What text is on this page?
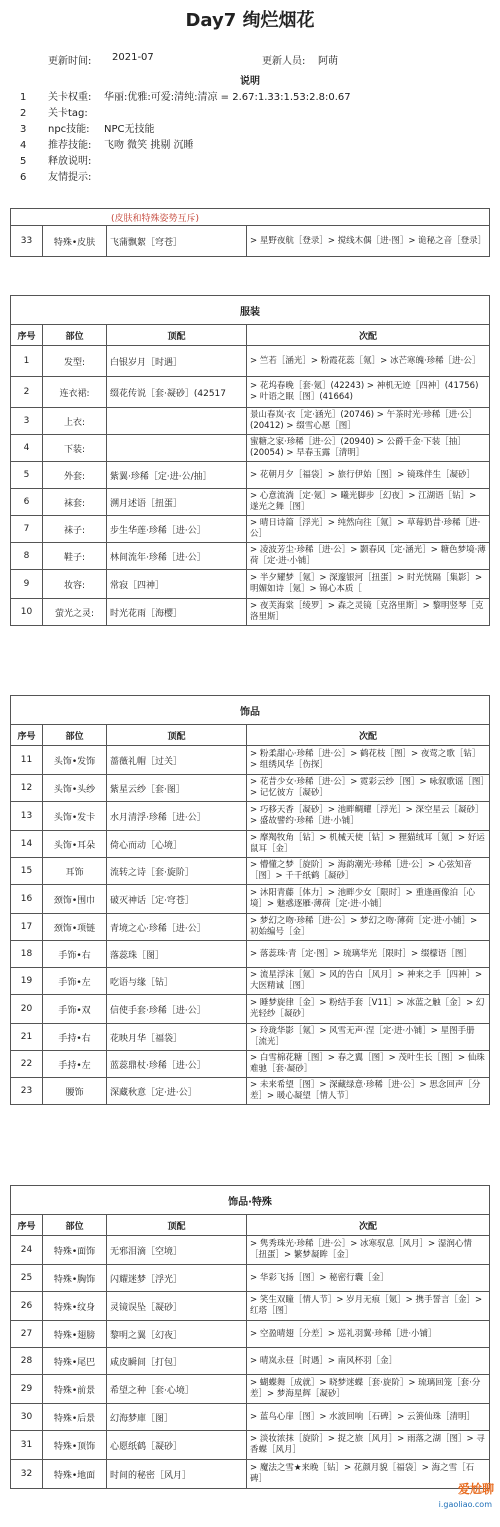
Day7 绚烂烟花
更新时间: 2021-07	更新人员: 阿萌
说明
1 关卡权重: 华丽:优雅:可爱:清纯:清凉 = 2.67:1.33:1.53:2.8:0.67
2 关卡tag:
3 npc技能: NPC无技能
4 推荐技能: 飞吻 微笑 挑剔 沉睡
5 释放说明:
6 友情提示:
(皮肤和特殊姿势互斥)
33	特殊•皮肤	飞蒲飘絮［穹苍］	> 星野夜航［登录］> 搅线木偶［进·图］> 诡秘之音［登录］
服装			
序号	部位	顶配	次配
1	发型:	白银岁月［时遇］	> 竺若［涵光］> 粉霞花蕊［氪］> 冰芒寒魄·珍稀［进·公］
2	连衣裙:	缀花传说［套·凝砂］(42517	> 花坞春晚［套·氪］(42243) > 神机无迹［四神］(41756) > 叶语之眠［图］(41664)
3	上衣:		景山春岚·衣［定·涵光］(20746) > 午茶时光·珍稀［进·公］(20412) > 缀雪心愿［图］
4	下装:		蜜糖之家·珍稀［进·公］(20940) > 公爵千金·下装［抽］(20054) > 早春玉露［清明］
5	外套:	紫翼·珍稀［定·进·公/抽］	> 花朝月夕［福袋］> 旅行伊始［图］> 镜珠伴生［凝砂］
6	袜套:	溯月述语［扭蛋］	> 心意流淌［定·氪］> 曦光脚步［幻夜］> 江湖语［钻］> 遂光之舞［图］
7	袜子:	步生华莲·珍稀［进·公］	> 晴日诗篇［浮光］> 纯然向往［氪］> 草莓奶昔·珍稀［进·公］
8	鞋子:	林间流年·珍稀［进·公］	> 凌波芳尘·珍稀［进·公］> 颢春风［定·涵光］> 糖色梦境·薄荷［定·进·小铺］
9	妆容:	常寂［四神］	> 半夕耀梦［氪］> 深邃银河［扭蛋］> 时光恍隔［集影］> 明媚如诗［氪］> 锦心本质［
10	萤光之灵:	时光花雨［海樱］	> 夜芙海棠［绫罗］> 森之灵镜［克洛里斯］> 黎明竖琴［克洛里斯］
饰品			
序号	部位	顶配	次配
11	头饰•发饰	蔷薇礼帽［过关］	> 粉柔甜心·珍稀［进·公］> 鹤花枝［图］> 夜莺之歌［钻］> 组绣风华［伤探］
12	头饰•头纱	紫星云纱［套·图］	> 花昔少女·珍稀［进·公］> 霓彩云纱［图］> 咏叙歌谣［图］> 记忆彼方［凝砂］
13	头饰•发卡	水月清浮·珍稀［进·公］	> 巧移天香［凝砂］> 池畔鲷耀［浮光］> 深空星云［凝砂］> 盛故譬约·珍稀［进·小铺］
14	头饰•耳朵	倚心而动［心境］	> 摩羯牧角［钻］> 机械天使［钻］> 狸猫绒耳［氪］> 好运鼠耳［金］
15	耳饰	流转之诗［套·旋阶］	> 懵懂之梦［旋阶］> 海韵潮光·珍稀［进·公］> 心弦知音［图］> 千千纸鹤［凝砂］
16	颈饰•围巾	破灭神话［定·穹苍］	> 沐阳青藤［体力］> 池畔少女［限时］> 重逢画像泊［心境］> 魅惑逐雁·薄荷［定·进·小铺］
17	颈饰•项链	青境之心·珍稀［进·公］	> 梦幻之吻·珍稀［进·公］> 梦幻之吻·薄荷［定·进·小铺］> 初始编号［金］
18	手饰•右	落蕊珠［图］	> 落蕊珠·青［定·图］> 琉璃华光［限时］> 缀檬语［图］
19	手饰•左	吃语与缘［钻］	> 流星浮沫［氪］> 风的告白［风月］> 神来之手［四神］> 大医精诚［图］
20	手饰•双	信使手套·珍稀［进·公］	> 睡梦旋律［金］> 粉结手套［V11］> 冰蓝之触［金］> 幻光轻纱［凝砂］
21	手持•右	花映月华［福袋］	> 玲珑华影［氪］> 风雪无声·涅［定·进·小铺］> 星图手册［流光］
22	手持•左	蓝蕊鼎杖·珍稀［进·公］	> 白雪棉花糖［图］> 春之翼［图］> 茂叶生长［图］> 仙珠难驰［套·凝砂］
23	腰饰	深藏秋意［定·进·公］	> 未来希望［图］> 深藏绿意·珍稀［进·公］> 思念回声［分差］> 暖心凝望［情人节］
饰品·特殊			
序号	部位	顶配	次配
24	特殊•面饰	无邪泪滴［空境］	> 隽秀珠光·珍稀［进·公］> 冰寒驭息［风月］> 湿润心情［扭蛋］> 繁梦凝眸［金］
25	特殊•胸饰	闪耀迷梦［浮光］	> 华彩飞扬［图］> 秘密行囊［金］
26	特殊•纹身	灵镜误坠［凝砂］	> 笑生双瞳［情人节］> 岁月无痕［氪］> 携手誓言［金］> 红塔［图］
27	特殊•翅膀	黎明之翼［幻夜］	> 空盈晴翅［分差］> 巡礼羽翼·珍稀［进·小铺］
28	特殊•尾巴	咸皮瞬间［打包］	> 晴岚永昼［时遇］> 南风杯羽［金］
29	特殊•前景	希望之种［套·心境］	> 蝴蝶舞［成就］> 晓梦迷蝶［套·旋阶］> 琉璃回笼［套·分差］> 梦海星辉［凝砂］
30	特殊•后景	幻海梦庫［图］	> 蓝鸟心扉［图］> 水波回响［石碑］> 云箦仙珠［清明］
31	特殊•顶饰	心愿纸鹤［凝砂］	> 淡妆浓抹［旋阶］> 捉之旅［风月］> 雨落之湖［图］> 寻香蝶［风月］
32	特殊•地面	时间的秘密［风月］	> 魔法之雪★来晚［钻］> 花颜月貌［福袋］> 海之雪［石碑］
爱尬聊
i.gaoliao.com
